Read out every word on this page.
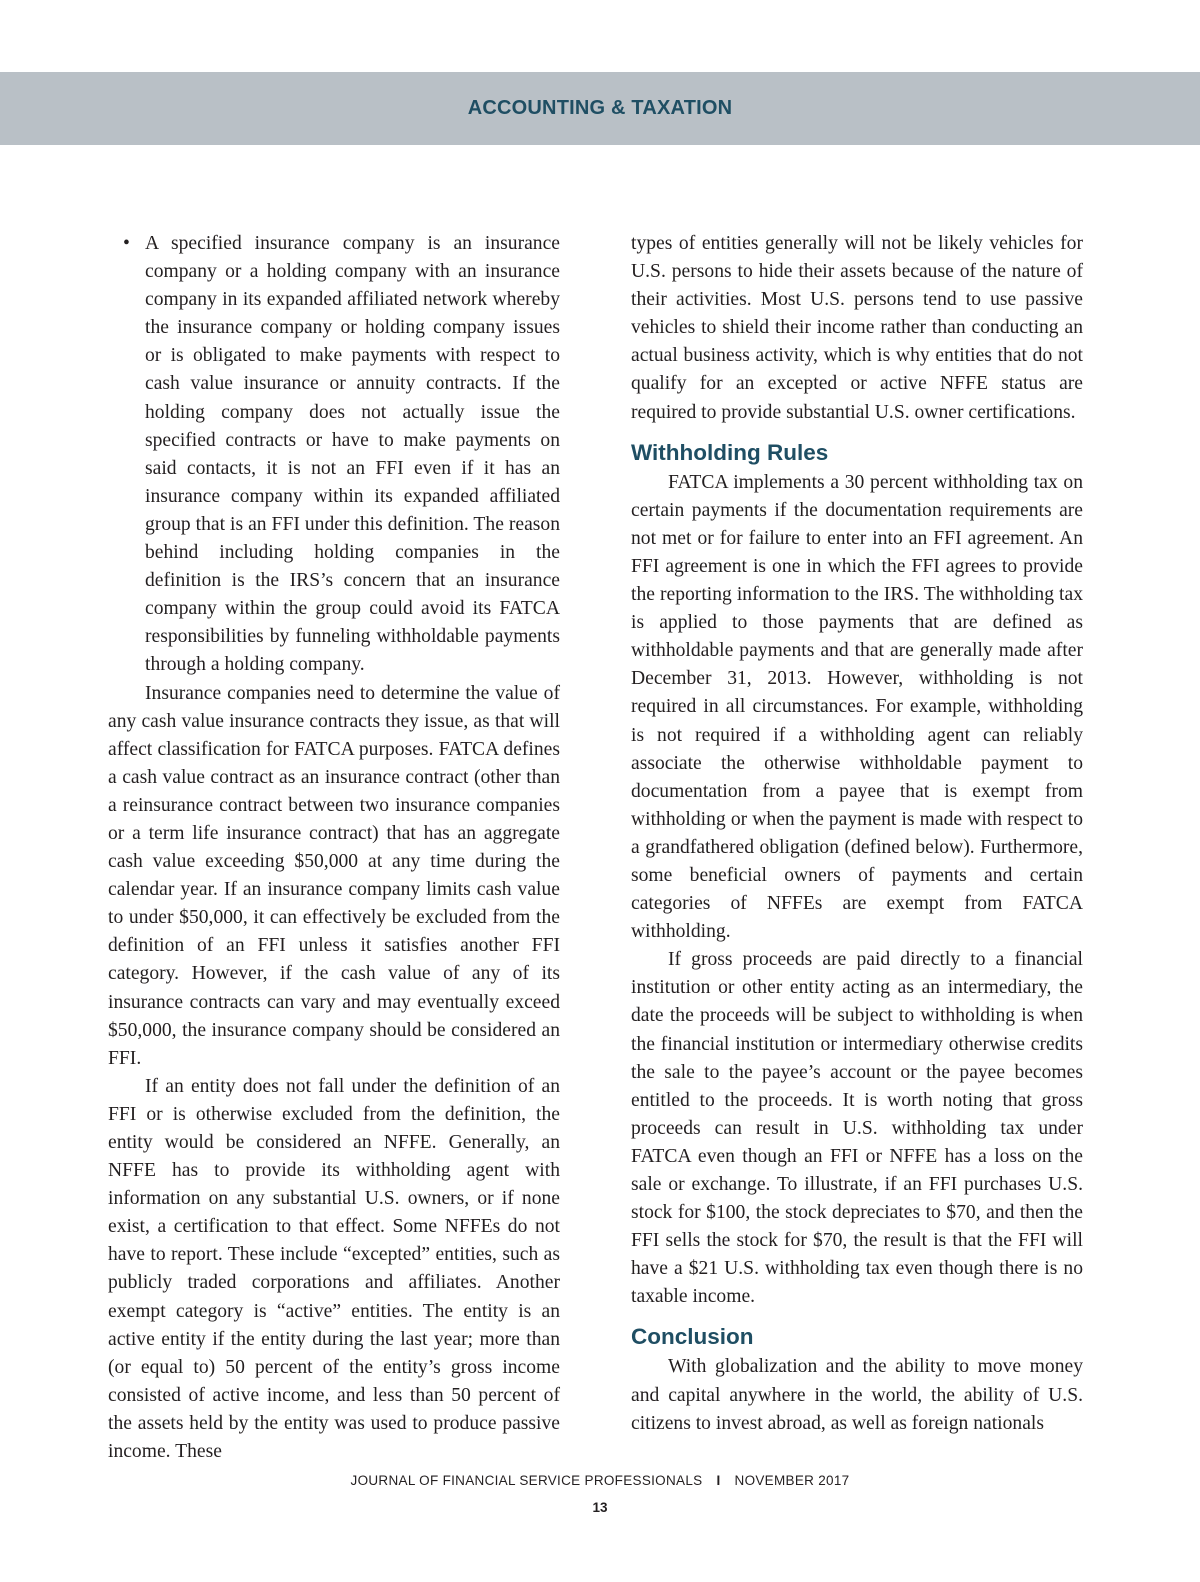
ACCOUNTING & TAXATION
• A specified insurance company is an insurance company or a holding company with an insurance company in its expanded affiliated network whereby the insurance company or holding company issues or is obligated to make payments with respect to cash value insurance or annuity contracts. If the holding company does not actually issue the specified contracts or have to make payments on said contacts, it is not an FFI even if it has an insurance company within its expanded affiliated group that is an FFI under this definition. The reason behind including holding companies in the definition is the IRS’s concern that an insurance company within the group could avoid its FATCA responsibilities by funneling withholdable payments through a holding company.

Insurance companies need to determine the value of any cash value insurance contracts they issue, as that will affect classification for FATCA purposes. FATCA defines a cash value contract as an insurance contract (other than a reinsurance contract between two insurance companies or a term life insurance contract) that has an aggregate cash value exceeding $50,000 at any time during the calendar year. If an insurance company limits cash value to under $50,000, it can effectively be excluded from the definition of an FFI unless it satisfies another FFI category. However, if the cash value of any of its insurance contracts can vary and may eventually exceed $50,000, the insurance company should be considered an FFI.

If an entity does not fall under the definition of an FFI or is otherwise excluded from the definition, the entity would be considered an NFFE. Generally, an NFFE has to provide its withholding agent with information on any substantial U.S. owners, or if none exist, a certification to that effect. Some NFFEs do not have to report. These include “excepted” entities, such as publicly traded corporations and affiliates. Another exempt category is “active” entities. The entity is an active entity if the entity during the last year; more than (or equal to) 50 percent of the entity’s gross income consisted of active income, and less than 50 percent of the assets held by the entity was used to produce passive income. These

types of entities generally will not be likely vehicles for U.S. persons to hide their assets because of the nature of their activities. Most U.S. persons tend to use passive vehicles to shield their income rather than conducting an actual business activity, which is why entities that do not qualify for an excepted or active NFFE status are required to provide substantial U.S. owner certifications.

Withholding Rules

FATCA implements a 30 percent withholding tax on certain payments if the documentation requirements are not met or for failure to enter into an FFI agreement. An FFI agreement is one in which the FFI agrees to provide the reporting information to the IRS. The withholding tax is applied to those payments that are defined as withholdable payments and that are generally made after December 31, 2013. However, withholding is not required in all circumstances. For example, withholding is not required if a withholding agent can reliably associate the otherwise withholdable payment to documentation from a payee that is exempt from withholding or when the payment is made with respect to a grandfathered obligation (defined below). Furthermore, some beneficial owners of payments and certain categories of NFFEs are exempt from FATCA withholding.

If gross proceeds are paid directly to a financial institution or other entity acting as an intermediary, the date the proceeds will be subject to withholding is when the financial institution or intermediary otherwise credits the sale to the payee’s account or the payee becomes entitled to the proceeds. It is worth noting that gross proceeds can result in U.S. withholding tax under FATCA even though an FFI or NFFE has a loss on the sale or exchange. To illustrate, if an FFI purchases U.S. stock for $100, the stock depreciates to $70, and then the FFI sells the stock for $70, the result is that the FFI will have a $21 U.S. withholding tax even though there is no taxable income.

Conclusion

With globalization and the ability to move money and capital anywhere in the world, the ability of U.S. citizens to invest abroad, as well as foreign nationals

JOURNAL OF FINANCIAL SERVICE PROFESSIONALS I NOVEMBER 2017
13
